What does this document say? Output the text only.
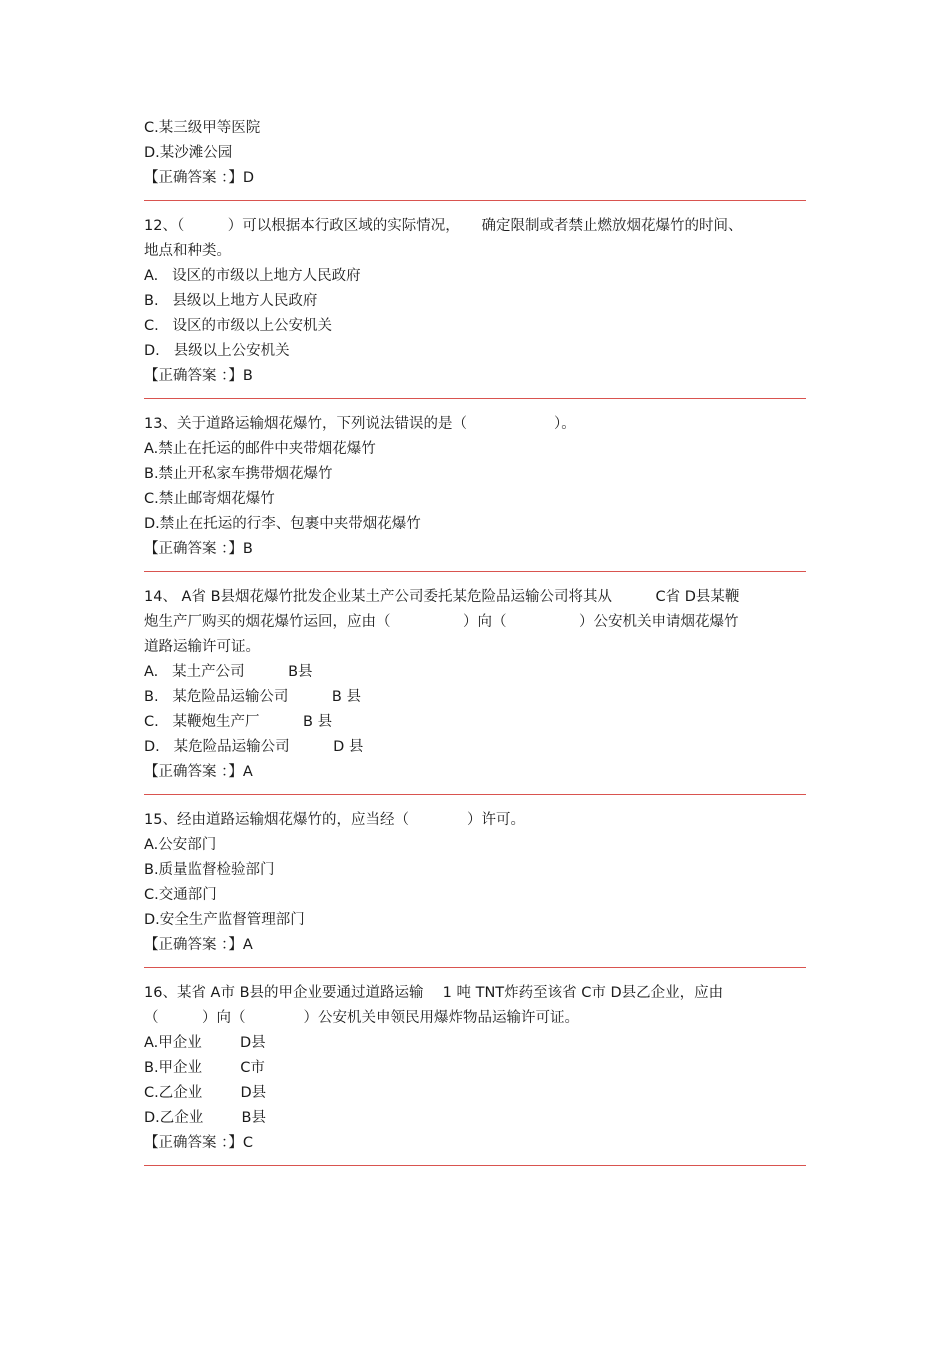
C.某三级甲等医院
D.某沙滩公园
【正确答案 ：】D
12、（　　　）可以根据本行政区域的实际情况，　　确定限制或者禁止燃放烟花爆竹的时间、
地点和种类。
A.   设区的市级以上地方人民政府
B.   县级以上地方人民政府
C.   设区的市级以上公安机关
D.   县级以上公安机关
【正确答案 ：】B
13、关于道路运输烟花爆竹，下列说法错误的是（　　　　　　）。
A.禁止在托运的邮件中夹带烟花爆竹
B.禁止开私家车携带烟花爆竹
C.禁止邮寄烟花爆竹
D.禁止在托运的行李、包裹中夹带烟花爆竹
【正确答案 ：】B
14、 A省 B县烟花爆竹批发企业某土产公司委托某危险品运输公司将其从　　　C省 D县某鞭
炮生产厂购买的烟花爆竹运回，应由（　　　　　）向（　　　　　）公安机关申请烟花爆竹
道路运输许可证。
A.   某土产公司　　　B县
B.   某危险品运输公司　　　B 县
C.   某鞭炮生产厂　　　B 县
D.   某危险品运输公司　　　D 县
【正确答案 ：】A
15、经由道路运输烟花爆竹的，应当经（　　　　）许可。
A.公安部门
B.质量监督检验部门
C.交通部门
D.安全生产监督管理部门
【正确答案 ：】A
16、某省 A市 B县的甲企业要通过道路运输　 1 吨 TNT炸药至该省 C市 D县乙企业，应由
（　　　）向（　　　　）公安机关申领民用爆炸物品运输许可证。
A.甲企业　　  D县
B.甲企业　　  C市
C.乙企业　　  D县
D.乙企业　　  B县
【正确答案 ：】C
